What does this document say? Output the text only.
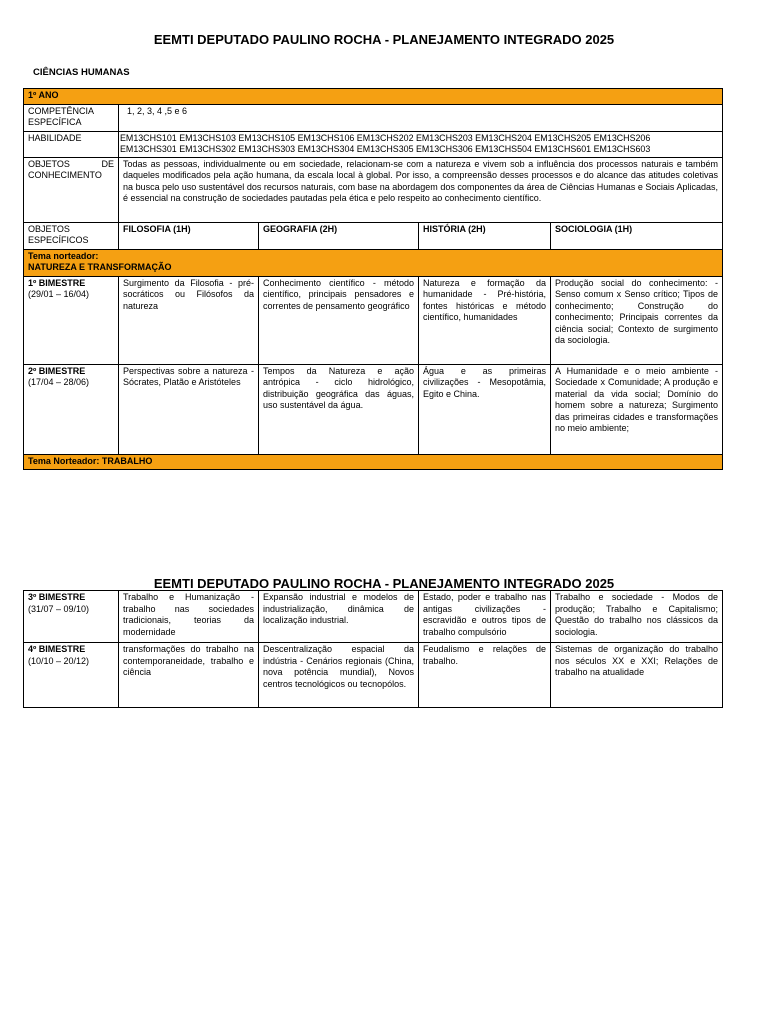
EEMTI DEPUTADO PAULINO ROCHA - PLANEJAMENTO INTEGRADO 2025
CIÊNCIAS HUMANAS
1º ANO				
COMPETÊNCIA ESPECÍFICA	1, 2, 3, 4 ,5 e 6			
HABILIDADE	EM13CHS101 EM13CHS103 EM13CHS105 EM13CHS106 EM13CHS202 EM13CHS203 EM13CHS204 EM13CHS205 EM13CHS206
EM13CHS301 EM13CHS302 EM13CHS303 EM13CHS304 EM13CHS305 EM13CHS306 EM13CHS504 EM13CHS601 EM13CHS603			

OBJETOS DE CONHECIMENTO	Todas as pessoas, individualmente ou em sociedade, relacionam-se com a natureza e vivem sob a influência dos processos naturais e também daqueles modificados pela ação humana, da escala local à global. Por isso, a compreensão desses processos e do alcance das atitudes coletivas na busca pelo uso sustentável dos recursos naturais, com base na abordagem dos componentes da área de Ciências Humanas e Sociais Aplicadas, é essencial na construção de sociedades pautadas pela ética e pelo respeito ao conhecimento científico.			
OBJETOS ESPECÍFICOS	FILOSOFIA (1H)	GEOGRAFIA (2H)	HISTÓRIA (2H)	SOCIOLOGIA (1H)

Tema norteador:
NATUREZA E TRANSFORMAÇÃO				

1º BIMESTRE
(29/01 – 16/04)	Surgimento da Filosofia - pré-socráticos ou Filósofos da natureza	Conhecimento científico - método científico, principais pensadores e correntes de pensamento geográfico	Natureza e formação da humanidade - Pré-história, fontes históricas e método científico, humanidades	Produção social do conhecimento: - Senso comum x Senso crítico; Tipos de conhecimento; Construção do conhecimento; Principais correntes da ciência social; Contexto de surgimento da sociologia.

2º BIMESTRE
(17/04 – 28/06)	Perspectivas sobre a natureza - Sócrates, Platão e Aristóteles	Tempos da Natureza e ação antrópica - ciclo hidrológico, distribuição geográfica das águas, uso sustentável da água.	Água e as primeiras civilizações - Mesopotâmia, Egito e China.	A Humanidade e o meio ambiente - Sociedade x Comunidade; A produção e material da vida social; Domínio do homem sobre a natureza; Surgimento das primeiras cidades e transformações no meio ambiente;
Tema Norteador: TRABALHO				
EEMTI DEPUTADO PAULINO ROCHA - PLANEJAMENTO INTEGRADO 2025
3º BIMESTRE
(31/07 – 09/10)	Trabalho e Humanização - trabalho nas sociedades tradicionais, teorias da modernidade	Expansão industrial e modelos de industrialização, dinâmica de localização industrial.	Estado, poder e trabalho nas antigas civilizações - escravidão e outros tipos de trabalho compulsório	Trabalho e sociedade - Modos de produção; Trabalho e Capitalismo; Questão do trabalho nos clássicos da sociologia.

4º BIMESTRE
(10/10 – 20/12)	transformações do trabalho na contemporaneidade, trabalho e ciência	Descentralização espacial da indústria - Cenários regionais (China, nova potência mundial), Novos centros tecnológicos ou tecnopólos.	Feudalismo e relações de trabalho.	Sistemas de organização do trabalho nos séculos XX e XXI; Relações de trabalho na atualidade
